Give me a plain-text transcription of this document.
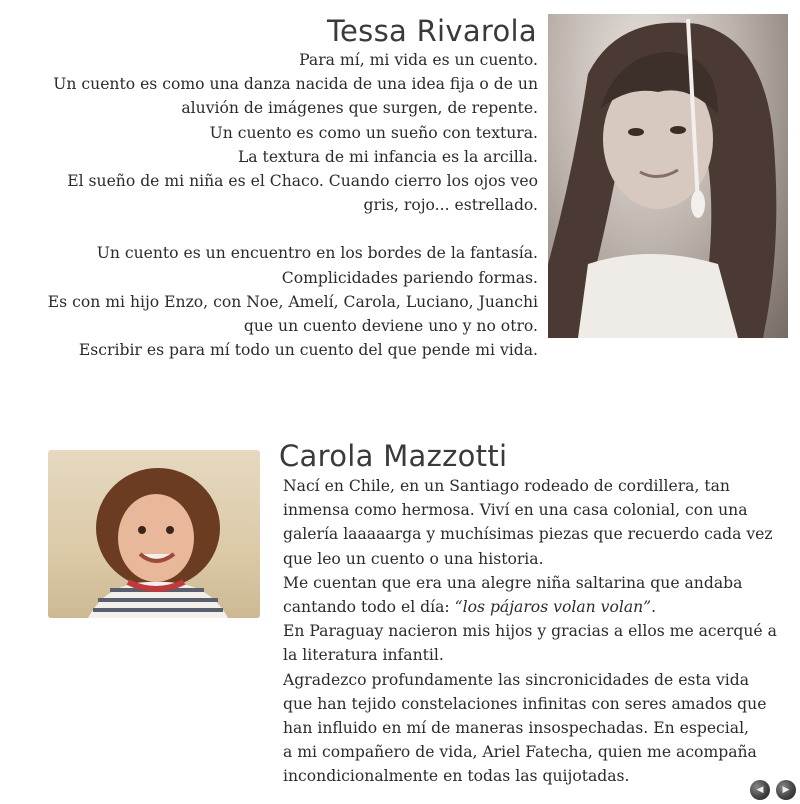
Tessa Rivarola

Para mí, mi vida es un cuento.
Un cuento es como una danza nacida de una idea fija o de un
aluvión de imágenes que surgen, de repente.
Un cuento es como un sueño con textura.
La textura de mi infancia es la arcilla.
El sueño de mi niña es el Chaco. Cuando cierro los ojos veo
gris, rojo... estrellado.
Un cuento es un encuentro en los bordes de la fantasía.
Complicidades pariendo formas.
Es con mi hijo Enzo, con Noe, Amelí, Carola, Luciano, Juanchi
que un cuento deviene uno y no otro.
Escribir es para mí todo un cuento del que pende mi vida.

Carola Mazzotti

Nací en Chile, en un Santiago rodeado de cordillera, tan
inmensa como hermosa. Viví en una casa colonial, con una
galería laaaaarga y muchísimas piezas que recuerdo cada vez
que leo un cuento o una historia.
Me cuentan que era una alegre niña saltarina que andaba
cantando todo el día: “los pájaros volan volan”.
En Paraguay nacieron mis hijos y gracias a ellos me acerqué a
la literatura infantil.
Agradezco profundamente las sincronicidades de esta vida
que han tejido constelaciones infinitas con seres amados que
han influido en mí de maneras insospechadas. En especial,
a mi compañero de vida, Ariel Fatecha, quien me acompaña
incondicionalmente en todas las quijotadas.

◀ ▶
